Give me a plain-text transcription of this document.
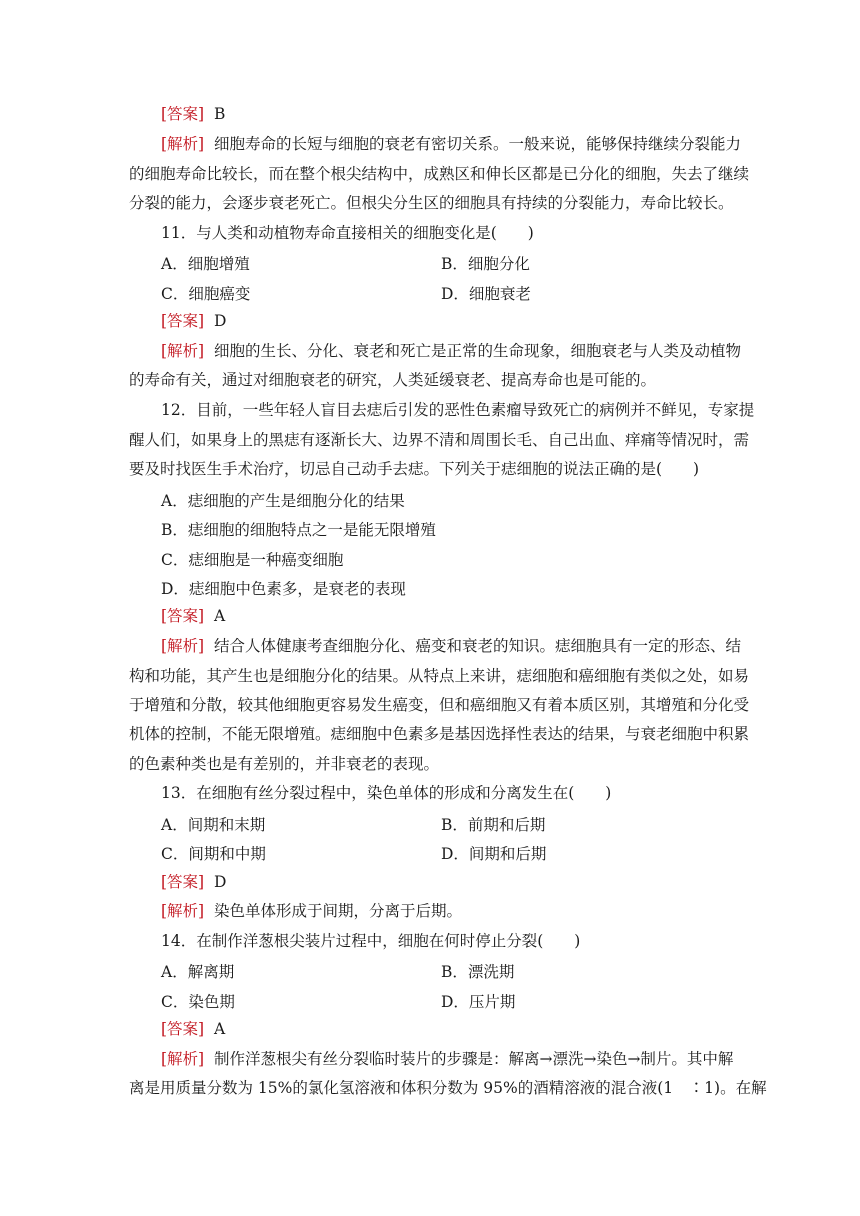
[答案] B
[解析] 细胞寿命的长短与细胞的衰老有密切关系。一般来说，能够保持继续分裂能力
的细胞寿命比较长，而在整个根尖结构中，成熟区和伸长区都是已分化的细胞，失去了继续
分裂的能力，会逐步衰老死亡。但根尖分生区的细胞具有持续的分裂能力，寿命比较长。
11．与人类和动植物寿命直接相关的细胞变化是(　　)
A．细胞增殖	B．细胞分化
C．细胞癌变	D．细胞衰老
[答案] D
[解析] 细胞的生长、分化、衰老和死亡是正常的生命现象，细胞衰老与人类及动植物
的寿命有关，通过对细胞衰老的研究，人类延缓衰老、提高寿命也是可能的。
12．目前，一些年轻人盲目去痣后引发的恶性色素瘤导致死亡的病例并不鲜见，专家提
醒人们，如果身上的黑痣有逐渐长大、边界不清和周围长毛、自己出血、痒痛等情况时，需
要及时找医生手术治疗，切忌自己动手去痣。下列关于痣细胞的说法正确的是(　　)
A．痣细胞的产生是细胞分化的结果
B．痣细胞的细胞特点之一是能无限增殖
C．痣细胞是一种癌变细胞
D．痣细胞中色素多，是衰老的表现
[答案] A
[解析] 结合人体健康考查细胞分化、癌变和衰老的知识。痣细胞具有一定的形态、结
构和功能，其产生也是细胞分化的结果。从特点上来讲，痣细胞和癌细胞有类似之处，如易
于增殖和分散，较其他细胞更容易发生癌变，但和癌细胞又有着本质区别，其增殖和分化受
机体的控制，不能无限增殖。痣细胞中色素多是基因选择性表达的结果，与衰老细胞中积累
的色素种类也是有差别的，并非衰老的表现。
13．在细胞有丝分裂过程中，染色单体的形成和分离发生在(　　)
A．间期和末期	B．前期和后期
C．间期和中期	D．间期和后期
[答案] D
[解析] 染色单体形成于间期，分离于后期。
14．在制作洋葱根尖装片过程中，细胞在何时停止分裂(　　)
A．解离期	B．漂洗期
C．染色期	D．压片期
[答案] A
[解析] 制作洋葱根尖有丝分裂临时装片的步骤是：解离→漂洗→染色→制片。其中解
离是用质量分数为 15%的氯化氢溶液和体积分数为 95%的酒精溶液的混合液(1　∶1)。在解
